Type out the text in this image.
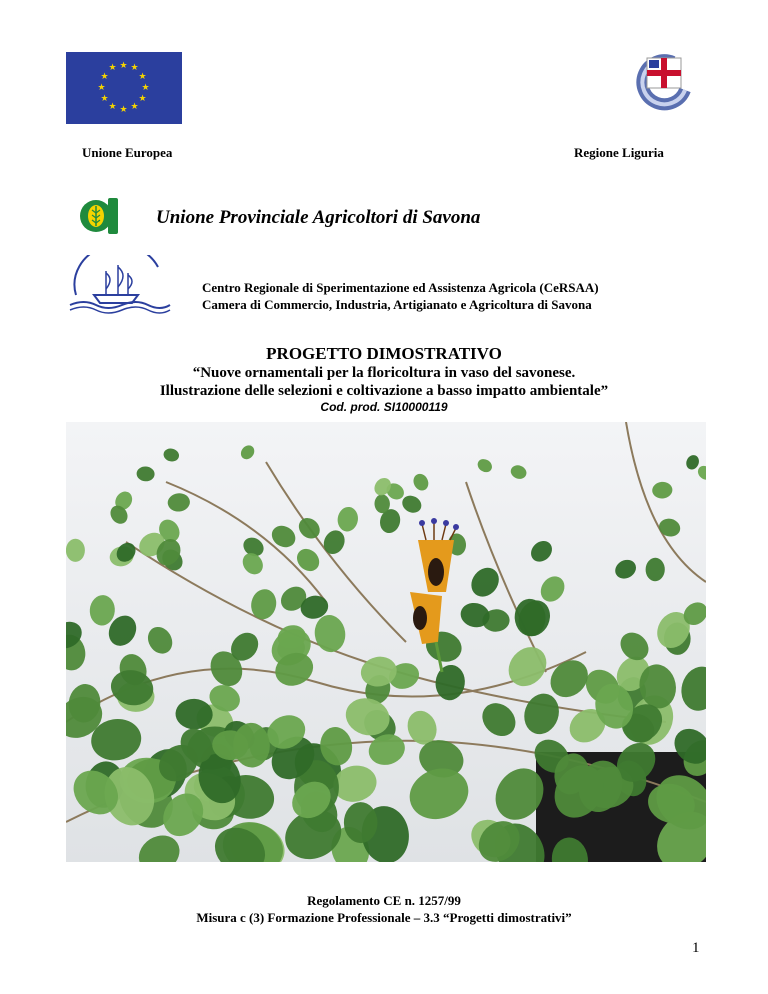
★ ★
★
★
★
★
★
★
★
★
★
★
Unione Europea	Regione Liguria
Unione Provinciale Agricoltori di Savona
Centro Regionale di Sperimentazione ed Assistenza Agricola (CeRSAA)
Camera di Commercio, Industria, Artigianato e Agricoltura di Savona
PROGETTO DIMOSTRATIVO
“Nuove ornamentali per la floricoltura in vaso del savonese.
Illustrazione delle selezioni e coltivazione a basso impatto ambientale”
Cod. prod. SI10000119
Regolamento CE n. 1257/99
Misura c (3) Formazione Professionale – 3.3 “Progetti dimostrativi”
1
